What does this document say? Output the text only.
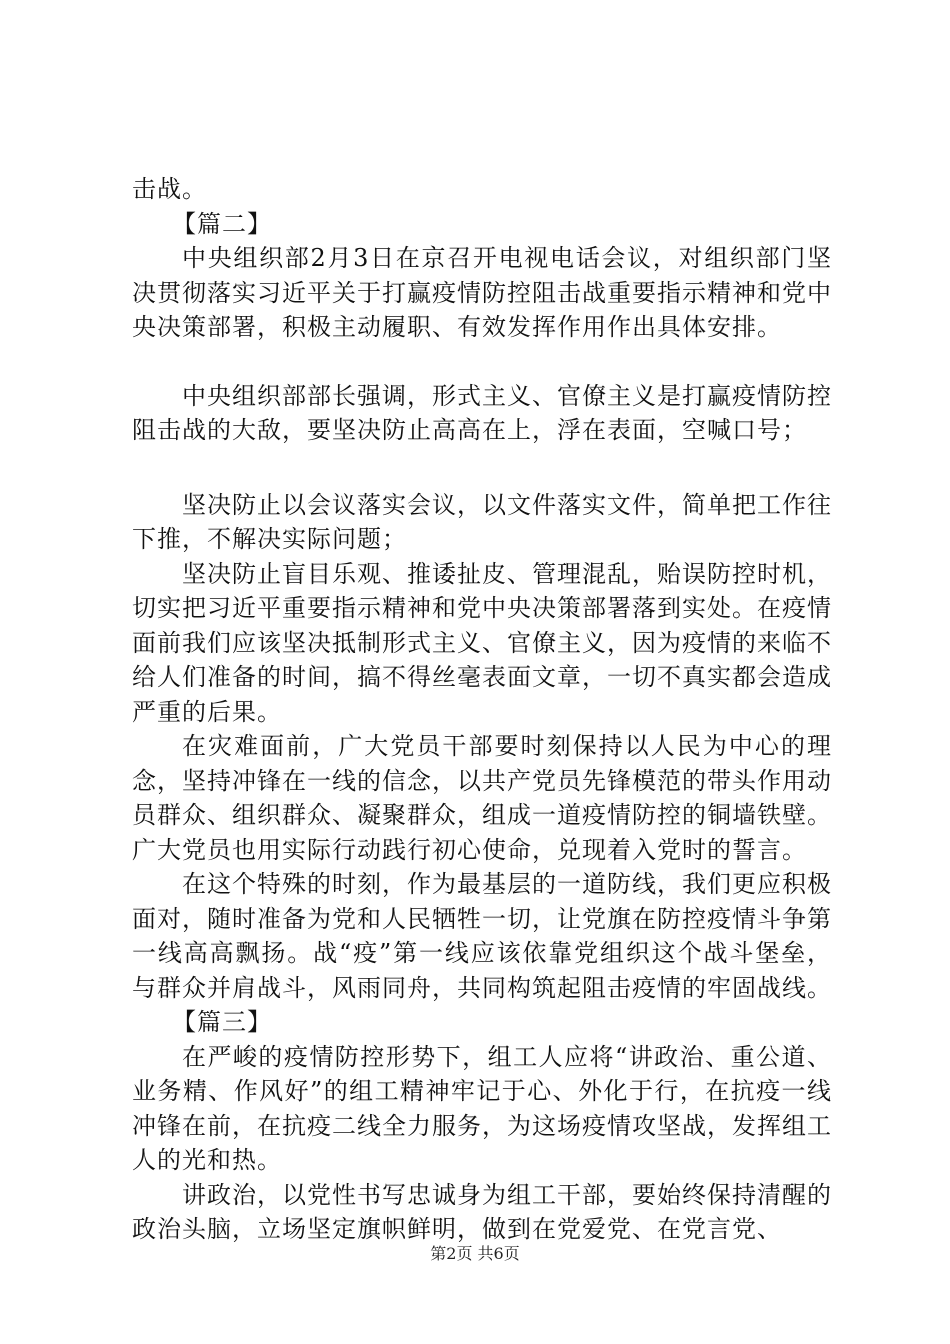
击战。

【篇二】

中央组织部2月3日在京召开电视电话会议，对组织部门坚决贯彻落实习近平关于打赢疫情防控阻击战重要指示精神和党中央决策部署，积极主动履职、有效发挥作用作出具体安排。

中央组织部部长强调，形式主义、官僚主义是打赢疫情防控阻击战的大敌，要坚决防止高高在上，浮在表面，空喊口号；

坚决防止以会议落实会议，以文件落实文件，简单把工作往下推，不解决实际问题；

坚决防止盲目乐观、推诿扯皮、管理混乱，贻误防控时机，切实把习近平重要指示精神和党中央决策部署落到实处。在疫情面前我们应该坚决抵制形式主义、官僚主义，因为疫情的来临不给人们准备的时间，搞不得丝毫表面文章，一切不真实都会造成严重的后果。

在灾难面前，广大党员干部要时刻保持以人民为中心的理念，坚持冲锋在一线的信念，以共产党员先锋模范的带头作用动员群众、组织群众、凝聚群众，组成一道疫情防控的铜墙铁壁。广大党员也用实际行动践行初心使命，兑现着入党时的誓言。

在这个特殊的时刻，作为最基层的一道防线，我们更应积极面对，随时准备为党和人民牺牲一切，让党旗在防控疫情斗争第一线高高飘扬。战“疫”第一线应该依靠党组织这个战斗堡垒，与群众并肩战斗，风雨同舟，共同构筑起阻击疫情的牢固战线。

【篇三】

在严峻的疫情防控形势下，组工人应将“讲政治、重公道、业务精、作风好”的组工精神牢记于心、外化于行，在抗疫一线冲锋在前，在抗疫二线全力服务，为这场疫情攻坚战，发挥组工人的光和热。

讲政治，以党性书写忠诚身为组工干部，要始终保持清醒的政治头脑，立场坚定旗帜鲜明，做到在党爱党、在党言党、

第2页 共6页
